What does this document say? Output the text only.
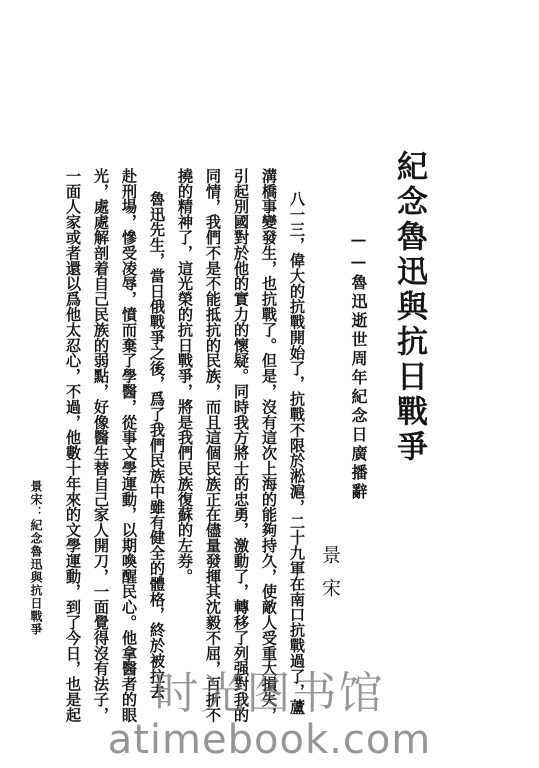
紀念魯迅與抗日戰爭
——魯迅逝世周年紀念日廣播辭
景宋
八一三，偉大的抗戰開始了，抗戰不限於淞滬，二十九軍在南口抗戰過了，蘆
溝橋事變發生，也抗戰了。但是，沒有這次上海的能夠持久，使敵人受重大損失，
引起別國對於他的實力的懷疑。同時我方將士的忠勇，激動了，轉移了列强對我的
同情，我們不是不能抵抗的民族，而且這個民族正在儘量發揮其沈毅不屈，百折不
撓的精神了，這光榮的抗日戰爭，將是我們民族復蘇的左券。
魯迅先生，當日俄戰爭之後，爲了我們民族中雖有健全的體格，終於被拉去
赴刑場，慘受凌辱，憤而棄了學醫，從事文學運動，以期喚醒民心。他拿醫者的眼
光，處處解剖着自己民族的弱點，好像醫生替自己家人開刀，一面覺得沒有法子，
一面人家或者還以爲他太忍心，不過，他數十年來的文學運動，到了今日，也是起
景宋：紀念魯迅與抗日戰爭
时光图书馆
atimebook.com
